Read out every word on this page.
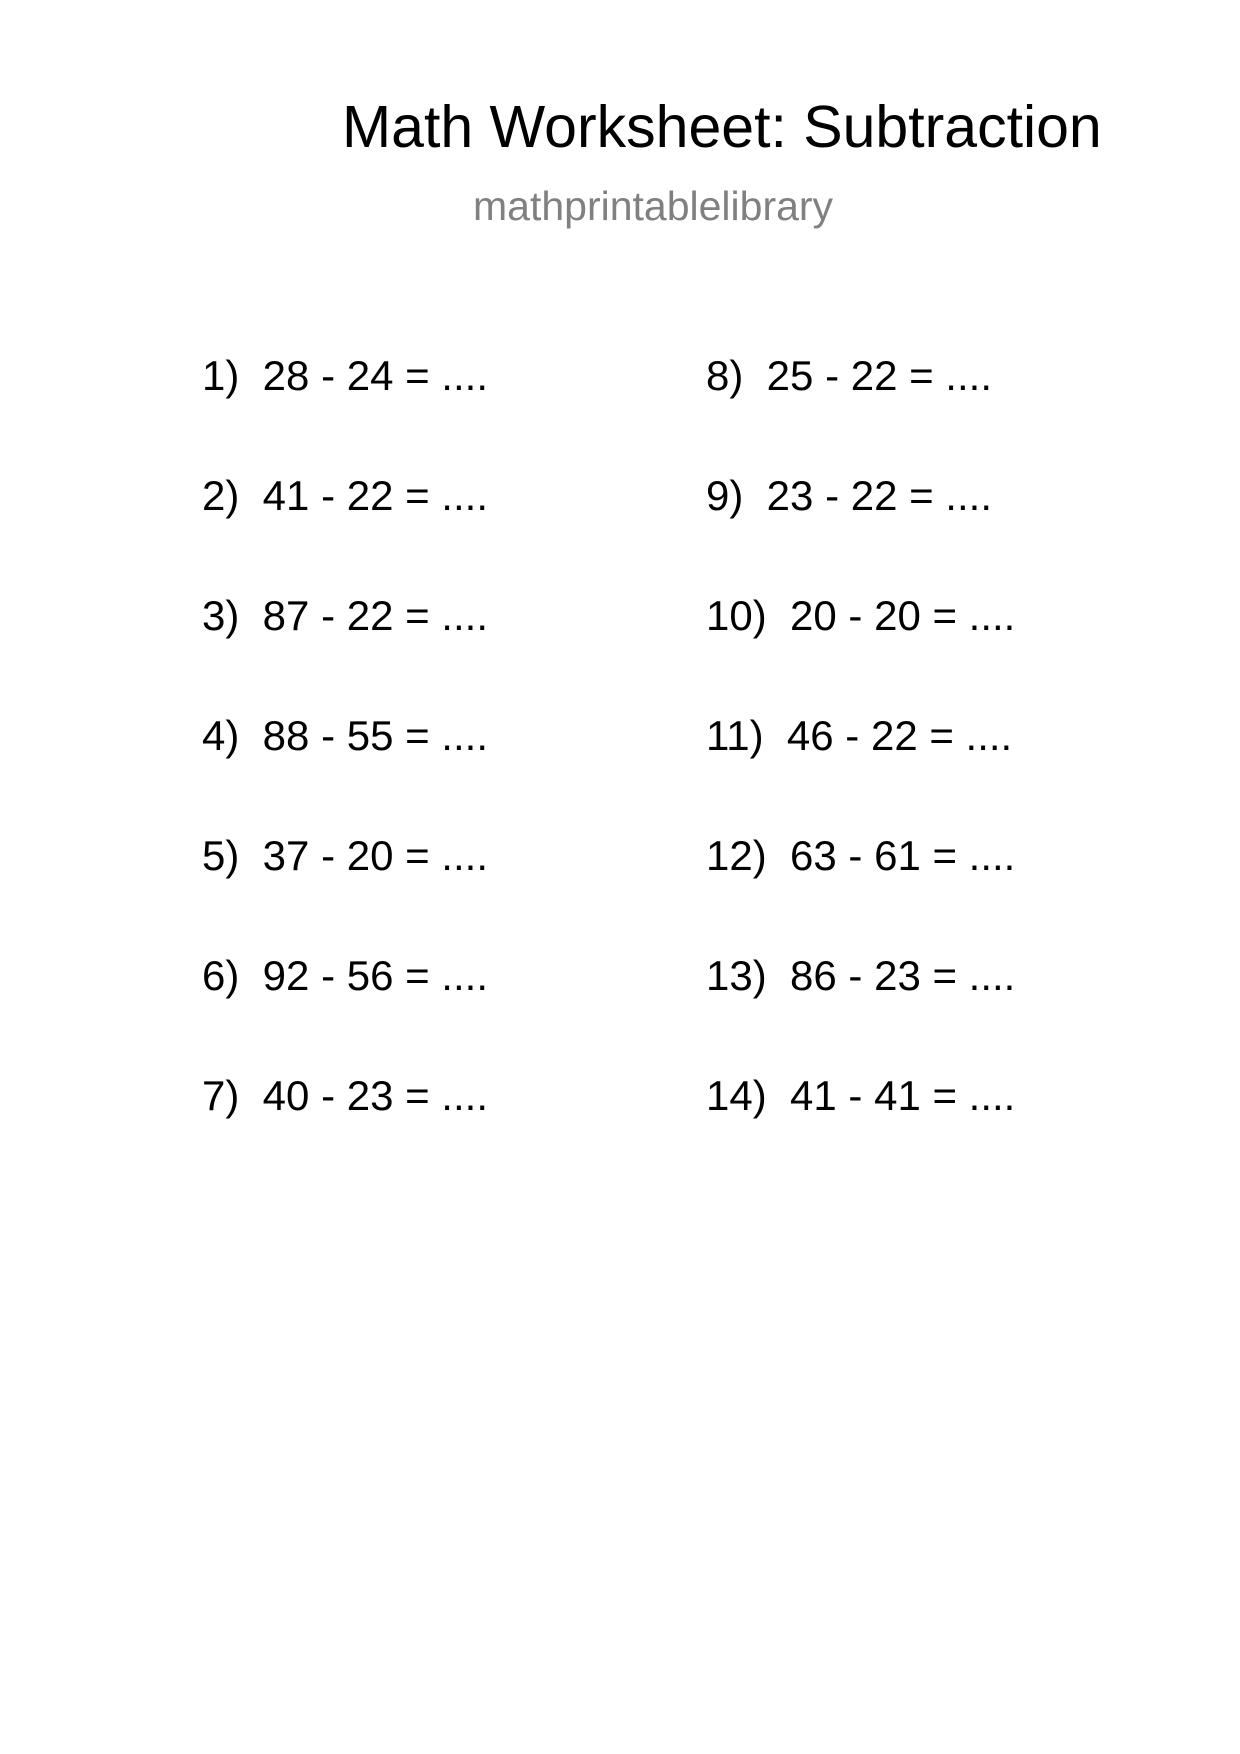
Math Worksheet: Subtraction
mathprintablelibrary
1)  28 - 24 = ....
2)  41 - 22 = ....
3)  87 - 22 = ....
4)  88 - 55 = ....
5)  37 - 20 = ....
6)  92 - 56 = ....
7)  40 - 23 = ....
8)  25 - 22 = ....
9)  23 - 22 = ....
10)  20 - 20 = ....
11)  46 - 22 = ....
12)  63 - 61 = ....
13)  86 - 23 = ....
14)  41 - 41 = ....
